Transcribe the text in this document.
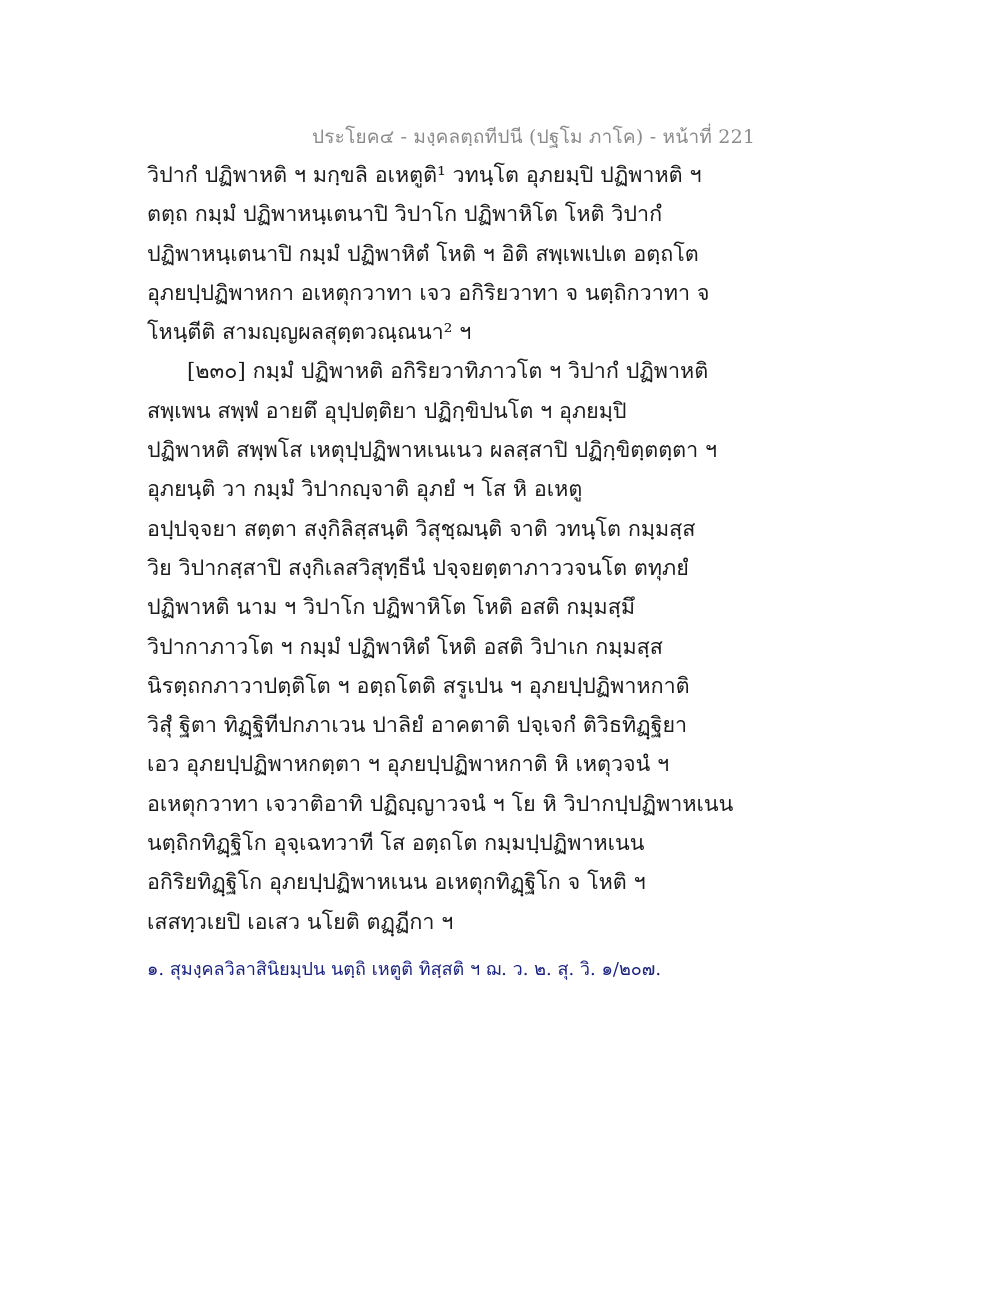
ประโยค๔ - มงฺคลตฺถทีปนี (ปฐโม ภาโค) - หน้าที่ 221
วิปากํ ปฏิพาหติ ฯ มกฺขลิ อเหตูติ¹ วทนฺโต อุภยมฺปิ ปฏิพาหติ ฯ
ตตฺถ กมฺมํ ปฏิพาหนฺเตนาปิ วิปาโก ปฏิพาหิโต โหติ วิปากํ
ปฏิพาหนฺเตนาปิ กมฺมํ ปฏิพาหิตํ โหติ ฯ อิติ สพฺเพเปเต อตฺถโต
อุภยปฺปฏิพาหกา อเหตุกวาทา เจว อกิริยวาทา จ นตฺถิกวาทา จ
โหนฺตีติ สามญฺญผลสุตฺตวณฺณนา² ฯ
[๒๓๐] กมฺมํ ปฏิพาหติ อกิริยวาทิภาวโต ฯ วิปากํ ปฏิพาหติ
สพฺเพน สพฺพํ อายตึ อุปฺปตฺติยา ปฏิกฺขิปนโต ฯ อุภยมฺปิ
ปฏิพาหติ สพฺพโส เหตุปฺปฏิพาหเนเนว ผลสฺสาปิ ปฏิกฺขิตฺตตฺตา ฯ
อุภยนฺติ วา กมฺมํ วิปากญฺจาติ อุภยํ ฯ โส หิ อเหตู
อปฺปจฺจยา สตฺตา สงฺกิลิสฺสนฺติ วิสุชฺฌนฺติ จาติ วทนฺโต กมฺมสฺส
วิย วิปากสฺสาปิ สงฺกิเลสวิสุทฺธีนํ ปจฺจยตฺตาภาววจนโต ตทุภยํ
ปฏิพาหติ นาม ฯ วิปาโก ปฏิพาหิโต โหติ อสติ กมฺมสฺมึ
วิปากาภาวโต ฯ กมฺมํ ปฏิพาหิตํ โหติ อสติ วิปาเก กมฺมสฺส
นิรตฺถกภาวาปตฺติโต ฯ อตฺถโตติ สรูเปน ฯ อุภยปฺปฏิพาหกาติ
วิสุํ ฐิตา ทิฏฺฐิทีปกภาเวน ปาลิยํ อาคตาติ ปจฺเจกํ ติวิธทิฏฺฐิยา
เอว อุภยปฺปฏิพาหกตฺตา ฯ อุภยปฺปฏิพาหกาติ หิ เหตุวจนํ ฯ
อเหตุกวาทา เจวาติอาทิ ปฏิญฺญาวจนํ ฯ โย หิ วิปากปฺปฏิพาหเนน
นตฺถิกทิฏฺฐิโก อุจฺเฉทวาที โส อตฺถโต กมฺมปฺปฏิพาหเนน
อกิริยทิฏฺฐิโก อุภยปฺปฏิพาหเนน อเหตุกทิฏฺฐิโก จ โหติ ฯ
เสสทฺวเยปิ เอเสว นโยติ ตฏฺฏีกา ฯ
๑. สุมงฺคลวิลาสินิยมฺปน นตฺถิ เหตูติ ทิสฺสติ ฯ ฌ. ว. ๒. สุ. วิ. ๑/๒๐๗.
